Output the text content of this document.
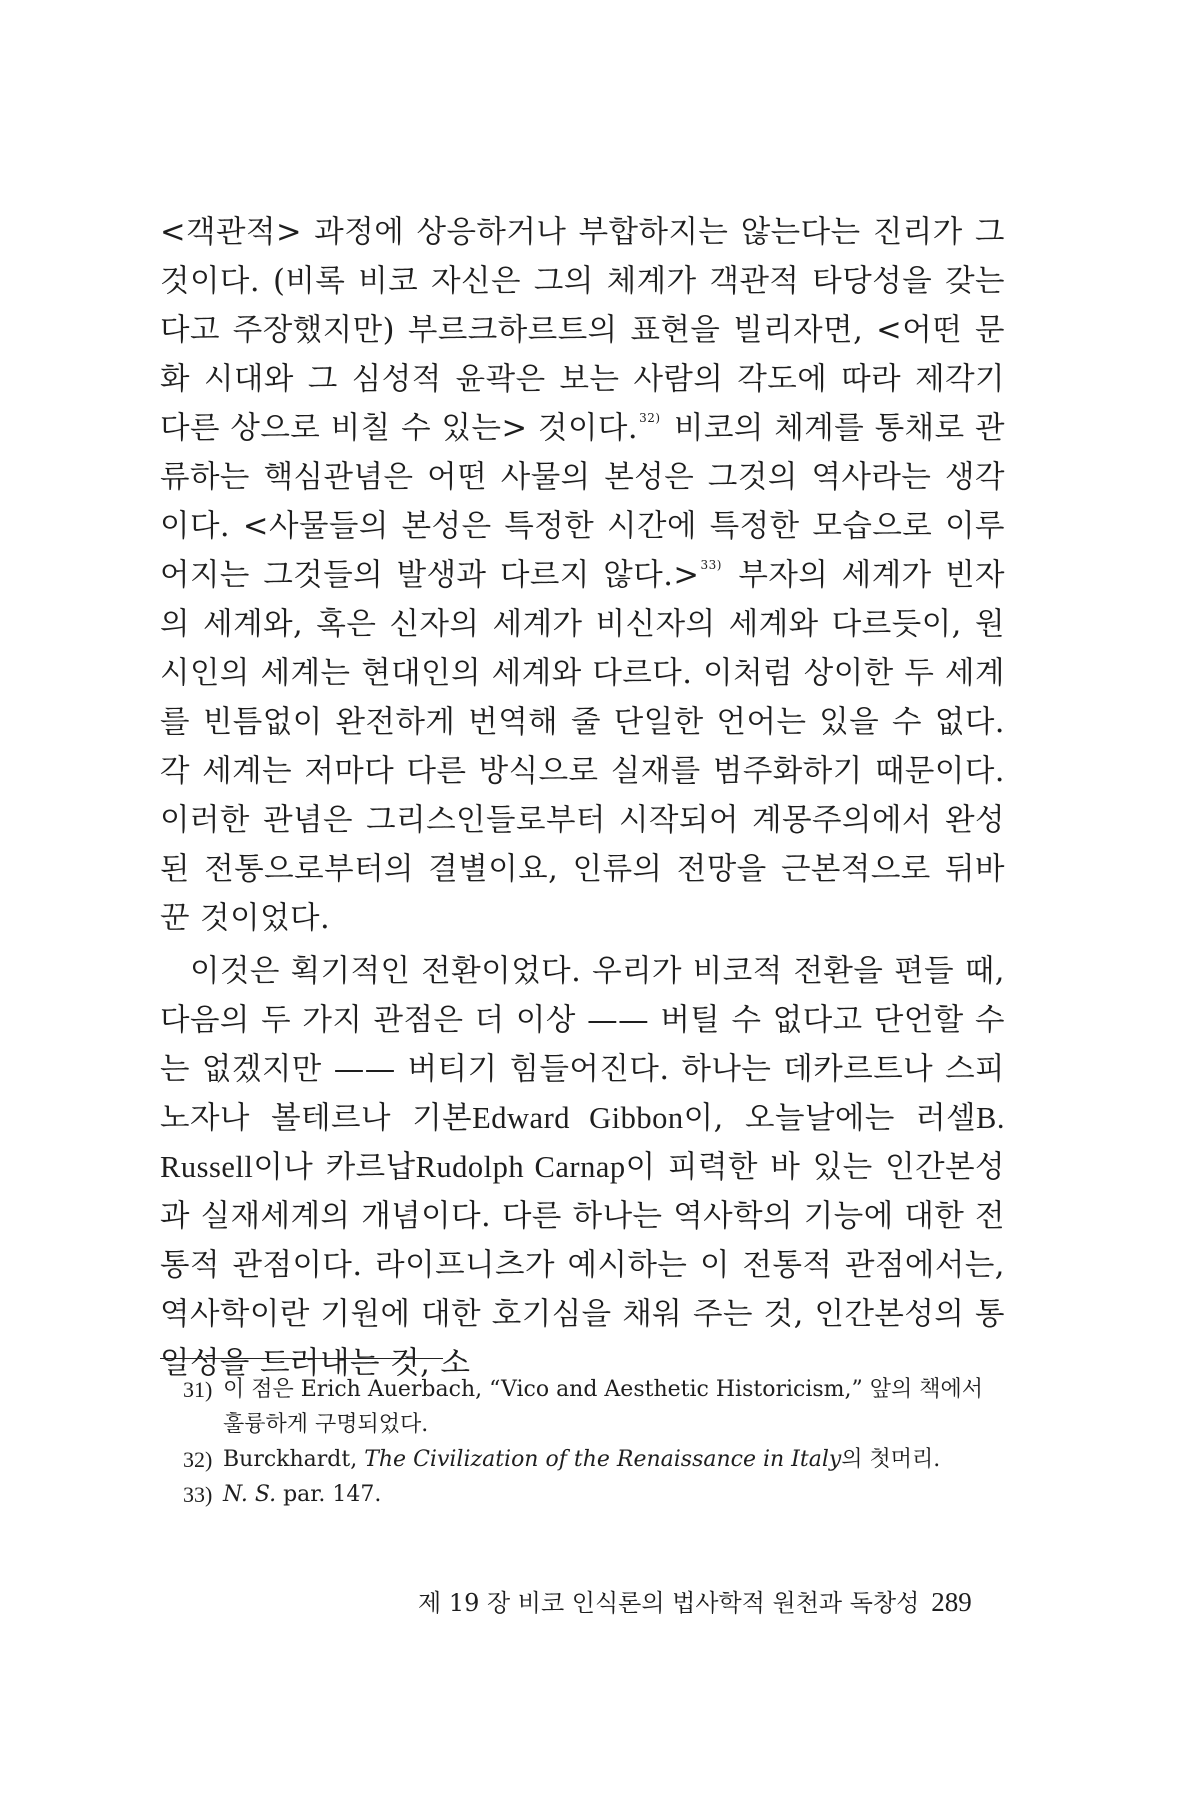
<객관적> 과정에 상응하거나 부합하지는 않는다는 진리가 그것이다. (비록 비코 자신은 그의 체계가 객관적 타당성을 갖는다고 주장했지만) 부르크하르트의 표현을 빌리자면, <어떤 문화 시대와 그 심성적 윤곽은 보는 사람의 각도에 따라 제각기 다른 상으로 비칠 수 있는> 것이다.$^{32)}$ 비코의 체계를 통채로 관류하는 핵심관념은 어떤 사물의 본성은 그것의 역사라는 생각이다. <사물들의 본성은 특정한 시간에 특정한 모습으로 이루어지는 그것들의 발생과 다르지 않다.>$^{33)}$ 부자의 세계가 빈자의 세계와, 혹은 신자의 세계가 비신자의 세계와 다르듯이, 원시인의 세계는 현대인의 세계와 다르다. 이처럼 상이한 두 세계를 빈틈없이 완전하게 번역해 줄 단일한 언어는 있을 수 없다. 각 세계는 저마다 다른 방식으로 실재를 범주화하기 때문이다. 이러한 관념은 그리스인들로부터 시작되어 계몽주의에서 완성된 전통으로부터의 결별이요, 인류의 전망을 근본적으로 뒤바꾼 것이었다.

이것은 획기적인 전환이었다. 우리가 비코적 전환을 편들 때, 다음의 두 가지 관점은 더 이상 —— 버틸 수 없다고 단언할 수는 없겠지만 —— 버티기 힘들어진다. 하나는 데카르트나 스피노자나 볼테르나 기본Edward Gibbon이, 오늘날에는 러셀B. Russell이나 카르납Rudolph Carnap이 피력한 바 있는 인간본성과 실재세계의 개념이다. 다른 하나는 역사학의 기능에 대한 전통적 관점이다. 라이프니츠가 예시하는 이 전통적 관점에서는, 역사학이란 기원에 대한 호기심을 채워 주는 것, 인간본성의 통일성을 드러내는 것, 소

31) 이 점은 Erich Auerbach, “Vico and Aesthetic Historicism,” 앞의 책에서 훌륭하게 구명되었다.

32) Burckhardt, The Civilization of the Renaissance in Italy의 첫머리.

33) N. S. par. 147.

제 19 장 비코 인식론의 법사학적 원천과 독창성 289
